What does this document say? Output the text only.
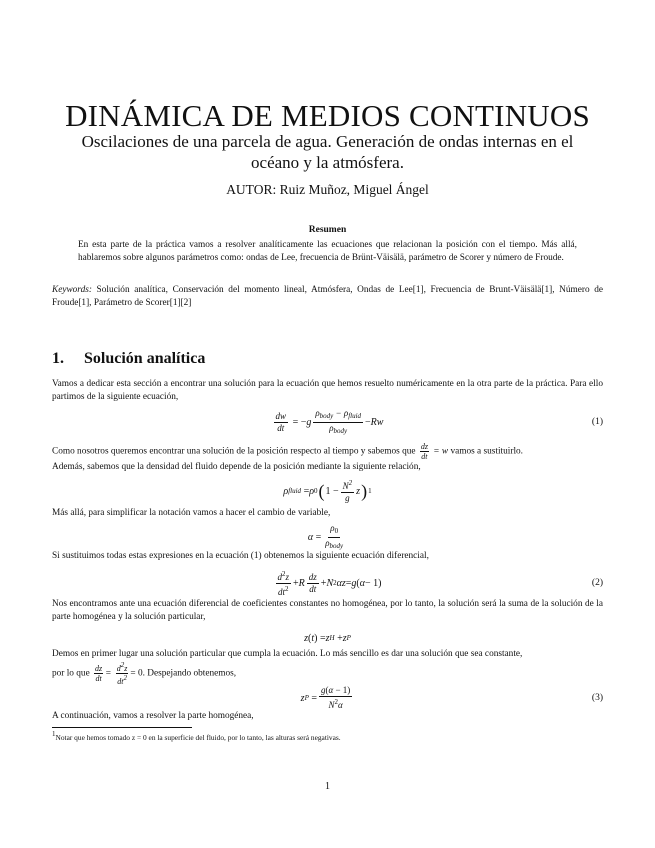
DINÁMICA DE MEDIOS CONTINUOS
Oscilaciones de una parcela de agua. Generación de ondas internas en el océano y la atmósfera.
AUTOR: Ruiz Muñoz, Miguel Ángel
Resumen
En esta parte de la práctica vamos a resolver analíticamente las ecuaciones que relacionan la posición con el tiempo. Más allá, hablaremos sobre algunos parámetros como: ondas de Lee, frecuencia de Brünt-Väisälä, parámetro de Scorer y número de Froude.
Keywords: Solución analítica, Conservación del momento lineal, Atmósfera, Ondas de Lee[1], Frecuencia de Brunt-Väisälä[1], Número de Froude[1], Parámetro de Scorer[1][2]
1. Solución analítica
Vamos a dedicar esta sección a encontrar una solución para la ecuación que hemos resuelto numéricamente en la otra parte de la práctica. Para ello partimos de la siguiente ecuación,
$\frac{dw}{dt}$ = − g $\frac{\rho_{body} - \rho_{fluid}}{\rho_{body}} - Rw$	(1)
Como nosotros queremos encontrar una solución de la posición respecto al tiempo y sabemos que $\frac{dz}{dt} = w$ vamos a sustituirlo.
Además, sabemos que la densidad del fluido depende de la posición mediante la siguiente relación,
ρ fluid = ρ 0 ( $1 - \frac{N^2}{g}$ z ) 1
Más allá, para simplificar la notación vamos a hacer el cambio de variable,
$\alpha = \frac{\rho_0}{\rho_{body}}$
Si sustituimos todas estas expresiones en la ecuación (1) obtenemos la siguiente ecuación diferencial,
$\frac{d^2z}{dt^2} + R \frac{dz}{dt} + N$ 2 αz = g ( α − 1)	(2)
Nos encontramos ante una ecuación diferencial de coeficientes constantes no homogénea, por lo tanto, la solución será la suma de la solución de la parte homogénea y la solución particular,
z ( t ) = z H + z P
Demos en primer lugar una solución particular que cumpla la ecuación. Lo más sencillo es dar una solución que sea constante,
por lo que $\frac{dz}{dt} = \frac{d2z}{dt2} = 0$. Despejando obtenemos,
z $P = \frac{g(\alpha - 1)}{N^2\alpha}$	(3)
A continuación, vamos a resolver la parte homogénea,
1Notar que hemos tomado z = 0 en la superficie del fluido, por lo tanto, las alturas será negativas.
1
